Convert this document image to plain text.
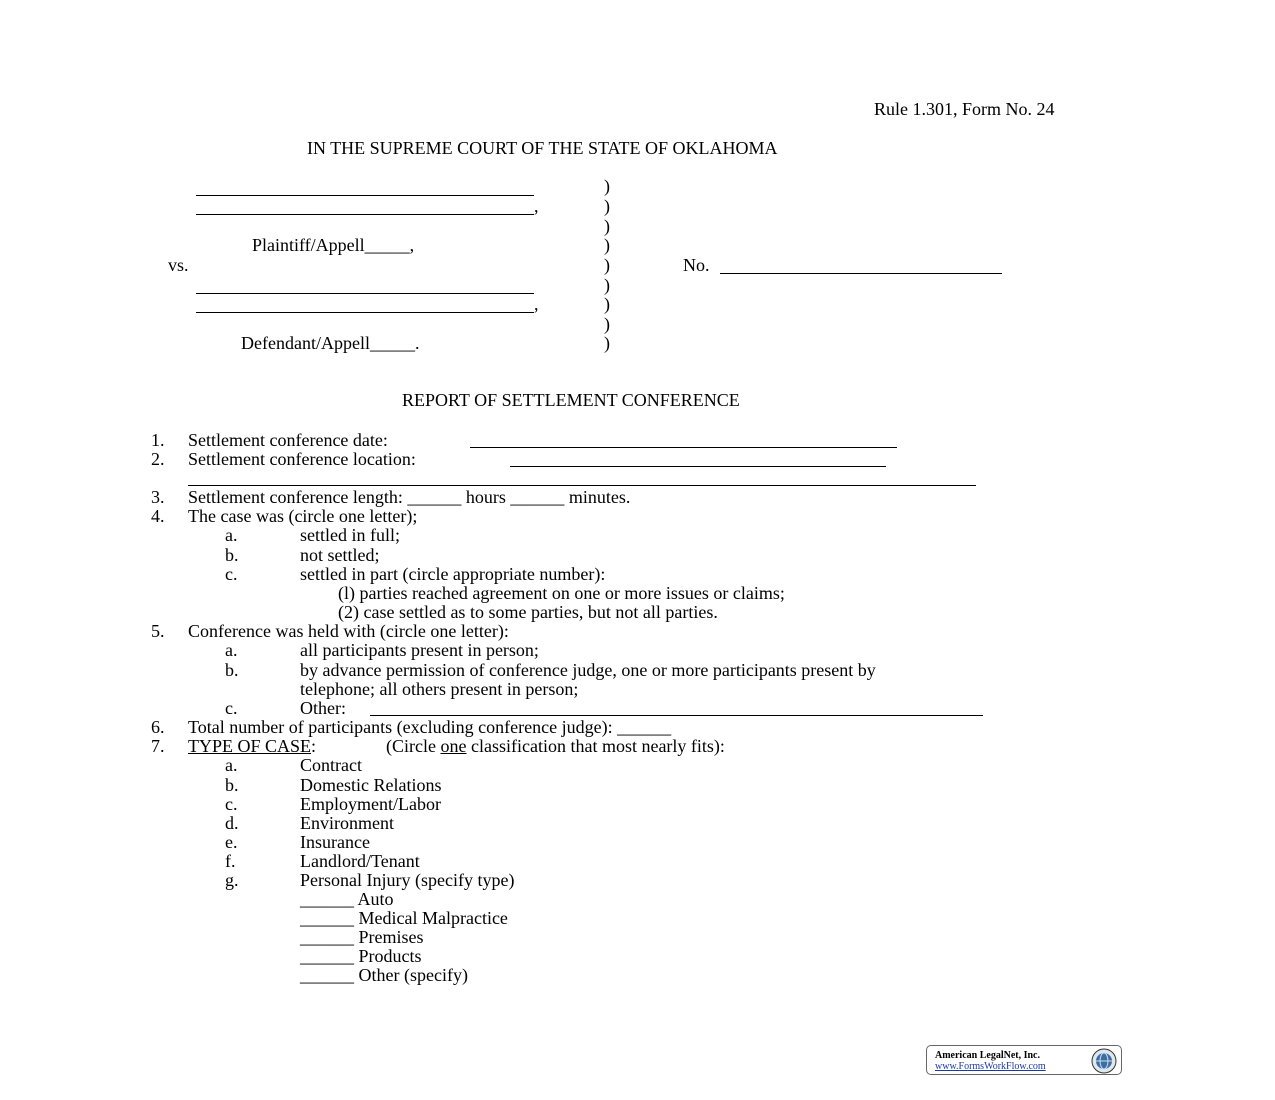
Rule 1.301, Form No. 24
IN THE SUPREME COURT OF THE STATE OF OKLAHOMA
,
Plaintiff/Appell_____,
vs.
,
Defendant/Appell_____.
)
)
)
)
)
)
)
)
)
No.
REPORT OF SETTLEMENT CONFERENCE
1. Settlement conference date:
2. Settlement conference location:
3. Settlement conference length: ______ hours ______ minutes.
4. The case was (circle one letter);
a.	settled in full;
b.	not settled;
c.	settled in part (circle appropriate number):
(l) parties reached agreement on one or more issues or claims;
(2) case settled as to some parties, but not all parties.
5. Conference was held with (circle one letter):
a.	all participants present in person;
b.	by advance permission of conference judge, one or more participants present by
telephone; all others present in person;
c.	Other:
6. Total number of participants (excluding conference judge): ______
7. TYPE OF CASE:	(Circle one classification that most nearly fits):
a.	Contract
b.	Domestic Relations
c.	Employment/Labor
d.	Environment
e.	Insurance
f.	Landlord/Tenant
g.	Personal Injury (specify type)
______ Auto
______ Medical Malpractice
______ Premises
______ Products
______ Other (specify)
American LegalNet, Inc.
www.FormsWorkFlow.com
